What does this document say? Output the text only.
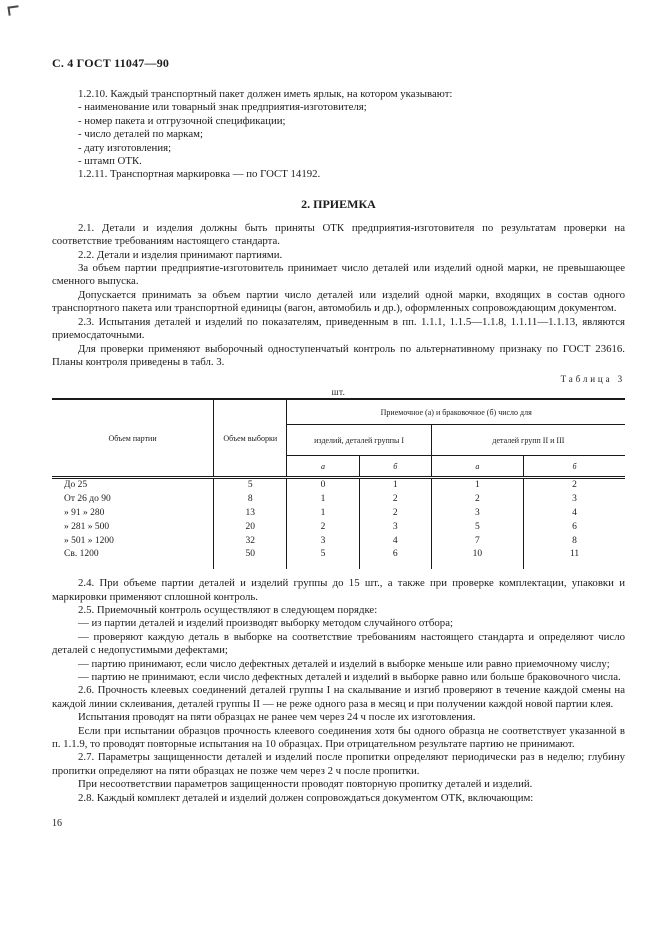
С. 4 ГОСТ 11047—90

1.2.10. Каждый транспортный пакет должен иметь ярлык, на котором указывают:

- наименование или товарный знак предприятия-изготовителя;

- номер пакета и отгрузочной спецификации;

- число деталей по маркам;

- дату изготовления;

- штамп ОТК.

1.2.11. Транспортная маркировка — по ГОСТ 14192.

2. ПРИЕМКА

2.1. Детали и изделия должны быть приняты ОТК предприятия-изготовителя по результатам проверки на соответствие требованиям настоящего стандарта.

2.2. Детали и изделия принимают партиями.

За объем партии предприятие-изготовитель принимает число деталей или изделий одной марки, не превышающее сменного выпуска.

Допускается принимать за объем партии число деталей или изделий одной марки, входящих в состав одного транспортного пакета или транспортной единицы (вагон, автомобиль и др.), оформленных сопровождающим документом.

2.3. Испытания деталей и изделий по показателям, приведенным в пп. 1.1.1, 1.1.5—1.1.8, 1.1.11—1.1.13, являются приемосдаточными.

Для проверки применяют выборочный одноступенчатый контроль по альтернативному признаку по ГОСТ 23616. Планы контроля приведены в табл. 3.

Таблица 3
шт.
Объем партии	Объем выборки	Приемочное (а) и браковочное (б) число для			
		изделий, деталей группы I		деталей групп II и III	
		а	б	а	б
До 25	5	0	1	1	2
От 26 до 90	8	1	2	2	3
» 91 » 280	13	1	2	3	4
» 281 » 500	20	2	3	5	6
» 501 » 1200	32	3	4	7	8
Св. 1200	50	5	6	10	11

2.4. При объеме партии деталей и изделий группы до 15 шт., а также при проверке комплектации, упаковки и маркировки применяют сплошной контроль.

2.5. Приемочный контроль осуществляют в следующем порядке:

— из партии деталей и изделий производят выборку методом случайного отбора;

— проверяют каждую деталь в выборке на соответствие требованиям настоящего стандарта и определяют число деталей с недопустимыми дефектами;

— партию принимают, если число дефектных деталей и изделий в выборке меньше или равно приемочному числу;

— партию не принимают, если число дефектных деталей и изделий в выборке равно или больше браковочного числа.

2.6. Прочность клеевых соединений деталей группы I на скалывание и изгиб проверяют в течение каждой смены на каждой линии склеивания, деталей группы II — не реже одного раза в месяц и при получении каждой новой партии клея.

Испытания проводят на пяти образцах не ранее чем через 24 ч после их изготовления.

Если при испытании образцов прочность клеевого соединения хотя бы одного образца не соответствует указанной в п. 1.1.9, то проводят повторные испытания на 10 образцах. При отрицательном результате партию не принимают.

2.7. Параметры защищенности деталей и изделий после пропитки определяют периодически раз в неделю; глубину пропитки определяют на пяти образцах не позже чем через 2 ч после пропитки.

При несоответствии параметров защищенности проводят повторную пропитку деталей и изделий.

2.8. Каждый комплект деталей и изделий должен сопровождаться документом ОТК, включающим:

16
